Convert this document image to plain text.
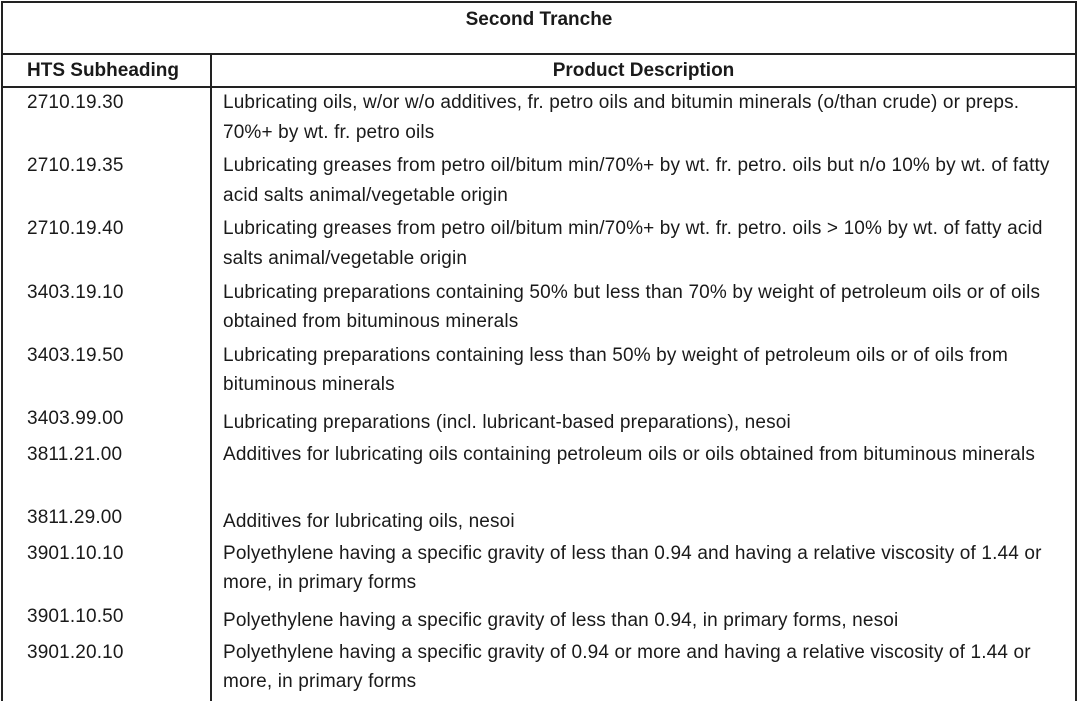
Second Tranche	
HTS Subheading	Product Description

2710.19.30	Lubricating oils, w/or w/o additives, fr. petro oils and bitumin minerals (o/than crude) or preps. 70%+ by wt. fr. petro oils

2710.19.35	Lubricating greases from petro oil/bitum min/70%+ by wt. fr. petro. oils but n/o 10% by wt. of fatty acid salts animal/vegetable origin

2710.19.40	Lubricating greases from petro oil/bitum min/70%+ by wt. fr. petro. oils > 10% by wt. of fatty acid salts animal/vegetable origin

3403.19.10	Lubricating preparations containing 50% but less than 70% by weight of petroleum oils or of oils obtained from bituminous minerals

3403.19.50	Lubricating preparations containing less than 50% by weight of petroleum oils or of oils from bituminous minerals

3403.99.00	Lubricating preparations (incl. lubricant-based preparations), nesoi

3811.21.00	Additives for lubricating oils containing petroleum oils or oils obtained from bituminous minerals

3811.29.00	Additives for lubricating oils, nesoi

3901.10.10	Polyethylene having a specific gravity of less than 0.94 and having a relative viscosity of 1.44 or more, in primary forms

3901.10.50	Polyethylene having a specific gravity of less than 0.94, in primary forms, nesoi

3901.20.10	Polyethylene having a specific gravity of 0.94 or more and having a relative viscosity of 1.44 or more, in primary forms
